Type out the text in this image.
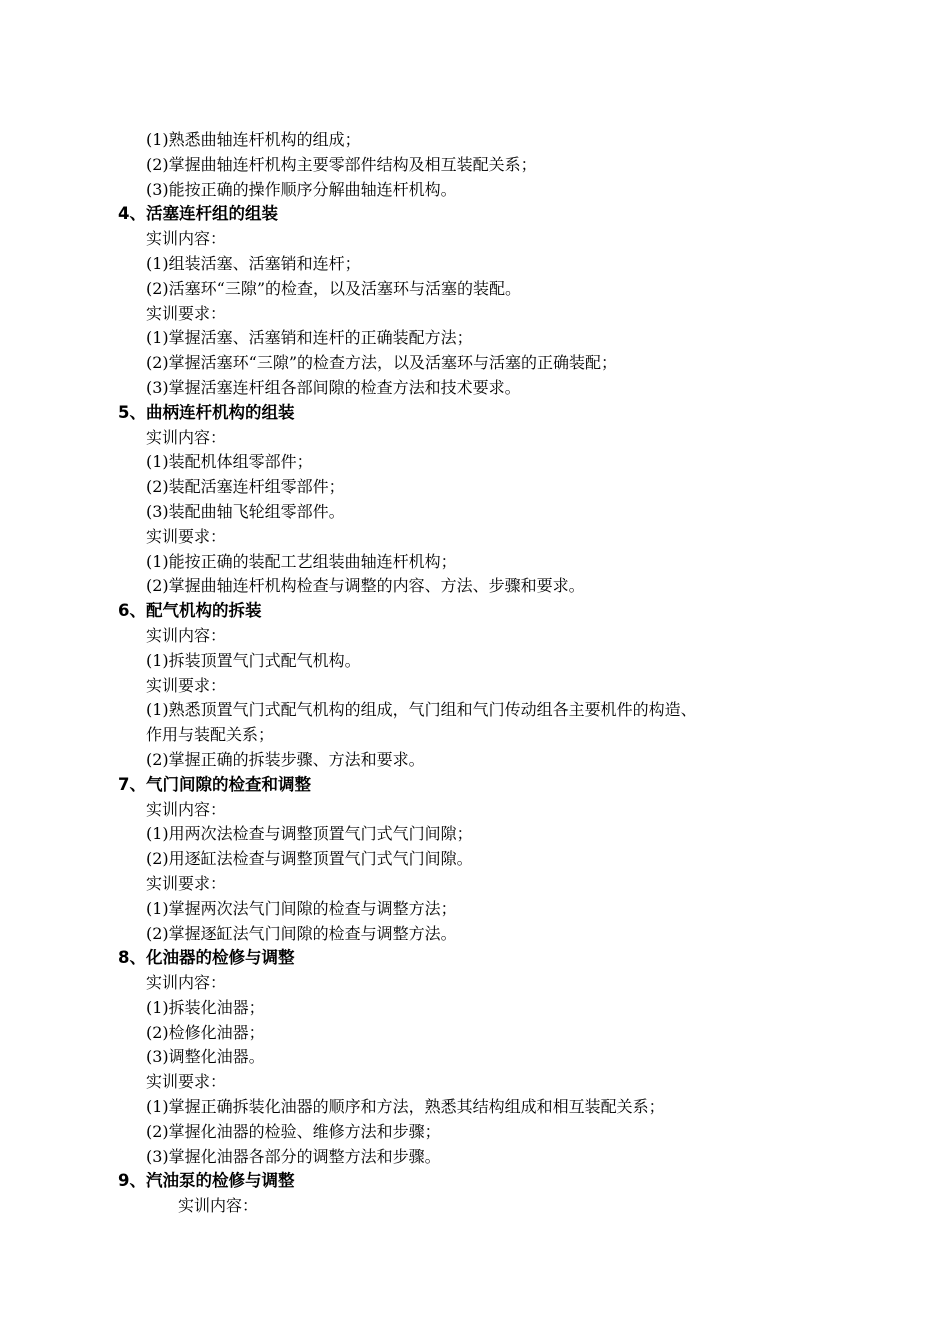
(1)熟悉曲轴连杆机构的组成；
(2)掌握曲轴连杆机构主要零部件结构及相互装配关系；
(3)能按正确的操作顺序分解曲轴连杆机构。
4、活塞连杆组的组装
实训内容：
(1)组装活塞、活塞销和连杆；
(2)活塞环“三隙”的检查，以及活塞环与活塞的装配。
实训要求：
(1)掌握活塞、活塞销和连杆的正确装配方法；
(2)掌握活塞环“三隙”的检查方法，以及活塞环与活塞的正确装配；
(3)掌握活塞连杆组各部间隙的检查方法和技术要求。
5、曲柄连杆机构的组装
实训内容：
(1)装配机体组零部件；
(2)装配活塞连杆组零部件；
(3)装配曲轴飞轮组零部件。
实训要求：
(1)能按正确的装配工艺组装曲轴连杆机构；
(2)掌握曲轴连杆机构检查与调整的内容、方法、步骤和要求。
6、配气机构的拆装
实训内容：
(1)拆装顶置气门式配气机构。
实训要求：
(1)熟悉顶置气门式配气机构的组成，气门组和气门传动组各主要机件的构造、
作用与装配关系；
(2)掌握正确的拆装步骤、方法和要求。
7、气门间隙的检查和调整
实训内容：
(1)用两次法检查与调整顶置气门式气门间隙；
(2)用逐缸法检查与调整顶置气门式气门间隙。
实训要求：
(1)掌握两次法气门间隙的检查与调整方法；
(2)掌握逐缸法气门间隙的检查与调整方法。
8、化油器的检修与调整
实训内容：
(1)拆装化油器；
(2)检修化油器；
(3)调整化油器。
实训要求：
(1)掌握正确拆装化油器的顺序和方法，熟悉其结构组成和相互装配关系；
(2)掌握化油器的检验、维修方法和步骤；
(3)掌握化油器各部分的调整方法和步骤。
9、汽油泵的检修与调整
实训内容：
